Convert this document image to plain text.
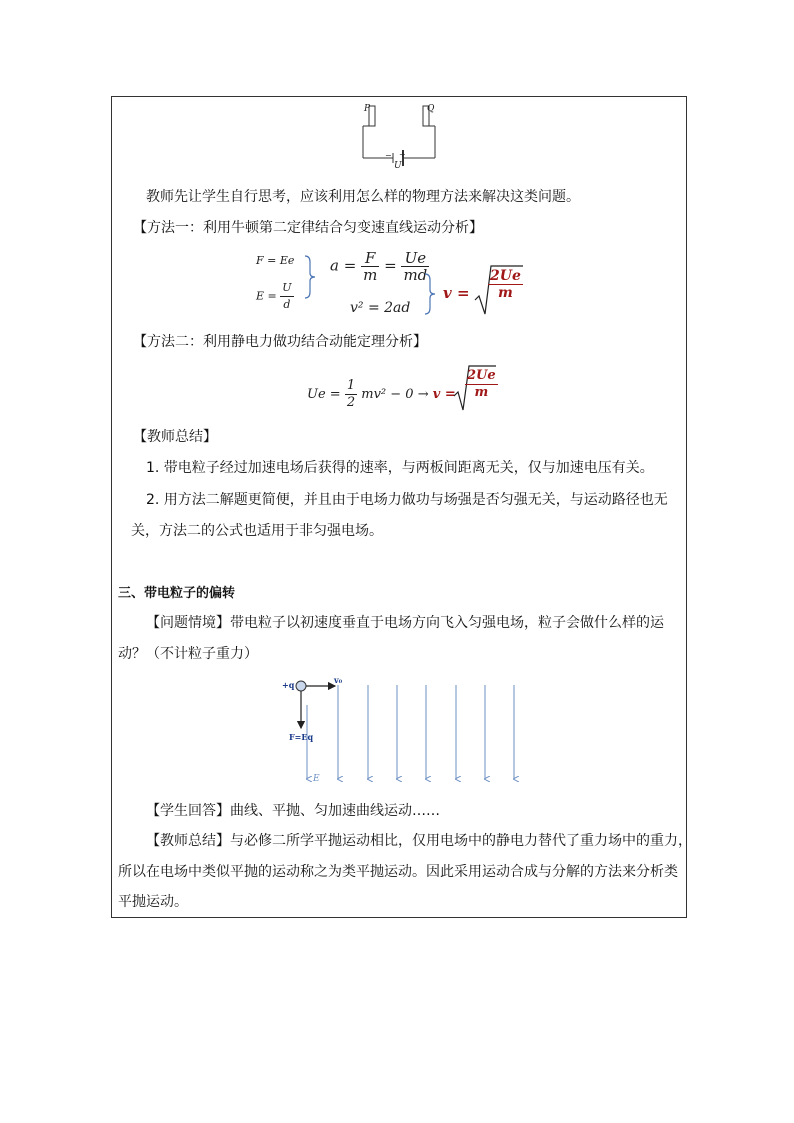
P	Q
− +
U
教师先让学生自行思考，应该利用怎么样的物理方法来解决这类问题。
【方法一：利用牛顿第二定律结合匀变速直线运动分析】
F = Ee
$E = \frac{U}{d}$
$a = \frac{F}{m} = \frac{Ue}{md}$
v² = 2ad
$v = \frac{2Ue}{m}$
【方法二：利用静电力做功结合动能定理分析】
$Ue = \frac{1}{2} mv^2 - 0 \to v = \frac{2Ue}{m}$
【教师总结】
1. 带电粒子经过加速电场后获得的速率，与两板间距离无关，仅与加速电压有关。
2. 用方法二解题更简便，并且由于电场力做功与场强是否匀强无关，与运动路径也无
关，方法二的公式也适用于非匀强电场。
三、带电粒子的偏转
【问题情境】带电粒子以初速度垂直于电场方向飞入匀强电场，粒子会做什么样的运
动？（不计粒子重力）
+q	v₀
F=Eq
E
【学生回答】曲线、平抛、匀加速曲线运动……
【教师总结】与必修二所学平抛运动相比，仅用电场中的静电力替代了重力场中的重力，
所以在电场中类似平抛的运动称之为类平抛运动。因此采用运动合成与分解的方法来分析类
平抛运动。
